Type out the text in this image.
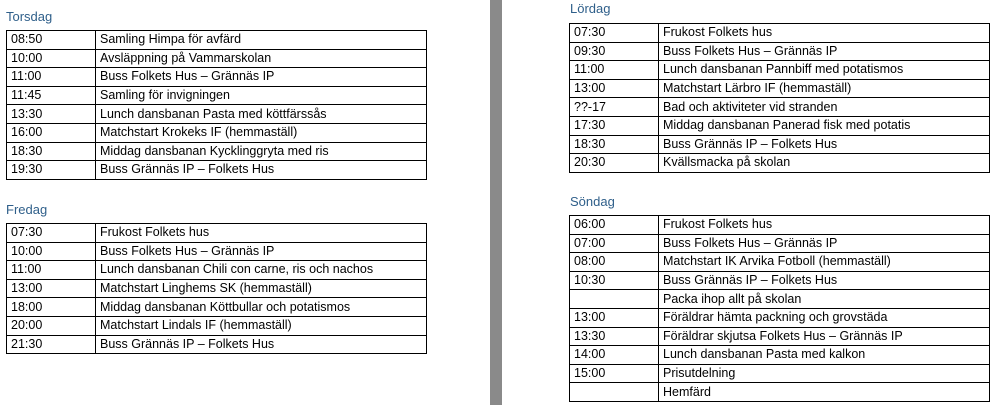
Torsdag
08:50	Samling Himpa för avfärd
10:00	Avsläppning på Vammarskolan
11:00	Buss Folkets Hus – Grännäs IP
11:45	Samling för invigningen
13:30	Lunch dansbanan Pasta med köttfärssås
16:00	Matchstart Krokeks IF (hemmaställ)
18:30	Middag dansbanan Kycklinggryta med ris
19:30	Buss Grännäs IP – Folkets Hus
Fredag
07:30	Frukost Folkets hus
10:00	Buss Folkets Hus – Grännäs IP
11:00	Lunch dansbanan Chili con carne, ris och nachos
13:00	Matchstart Linghems SK (hemmaställ)
18:00	Middag dansbanan Köttbullar och potatismos
20:00	Matchstart Lindals IF (hemmaställ)
21:30	Buss Grännäs IP – Folkets Hus
Lördag
07:30	Frukost Folkets hus
09:30	Buss Folkets Hus – Grännäs IP
11:00	Lunch dansbanan Pannbiff med potatismos
13:00	Matchstart Lärbro IF (hemmaställ)
??-17	Bad och aktiviteter vid stranden
17:30	Middag dansbanan Panerad fisk med potatis
18:30	Buss Grännäs IP – Folkets Hus
20:30	Kvällsmacka på skolan
Söndag
06:00	Frukost Folkets hus
07:00	Buss Folkets Hus – Grännäs IP
08:00	Matchstart IK Arvika Fotboll (hemmaställ)
10:30	Buss Grännäs IP – Folkets Hus
	Packa ihop allt på skolan
13:00	Föräldrar hämta packning och grovstäda
13:30	Föräldrar skjutsa Folkets Hus – Grännäs IP
14:00	Lunch dansbanan Pasta med kalkon
15:00	Prisutdelning
	Hemfärd
